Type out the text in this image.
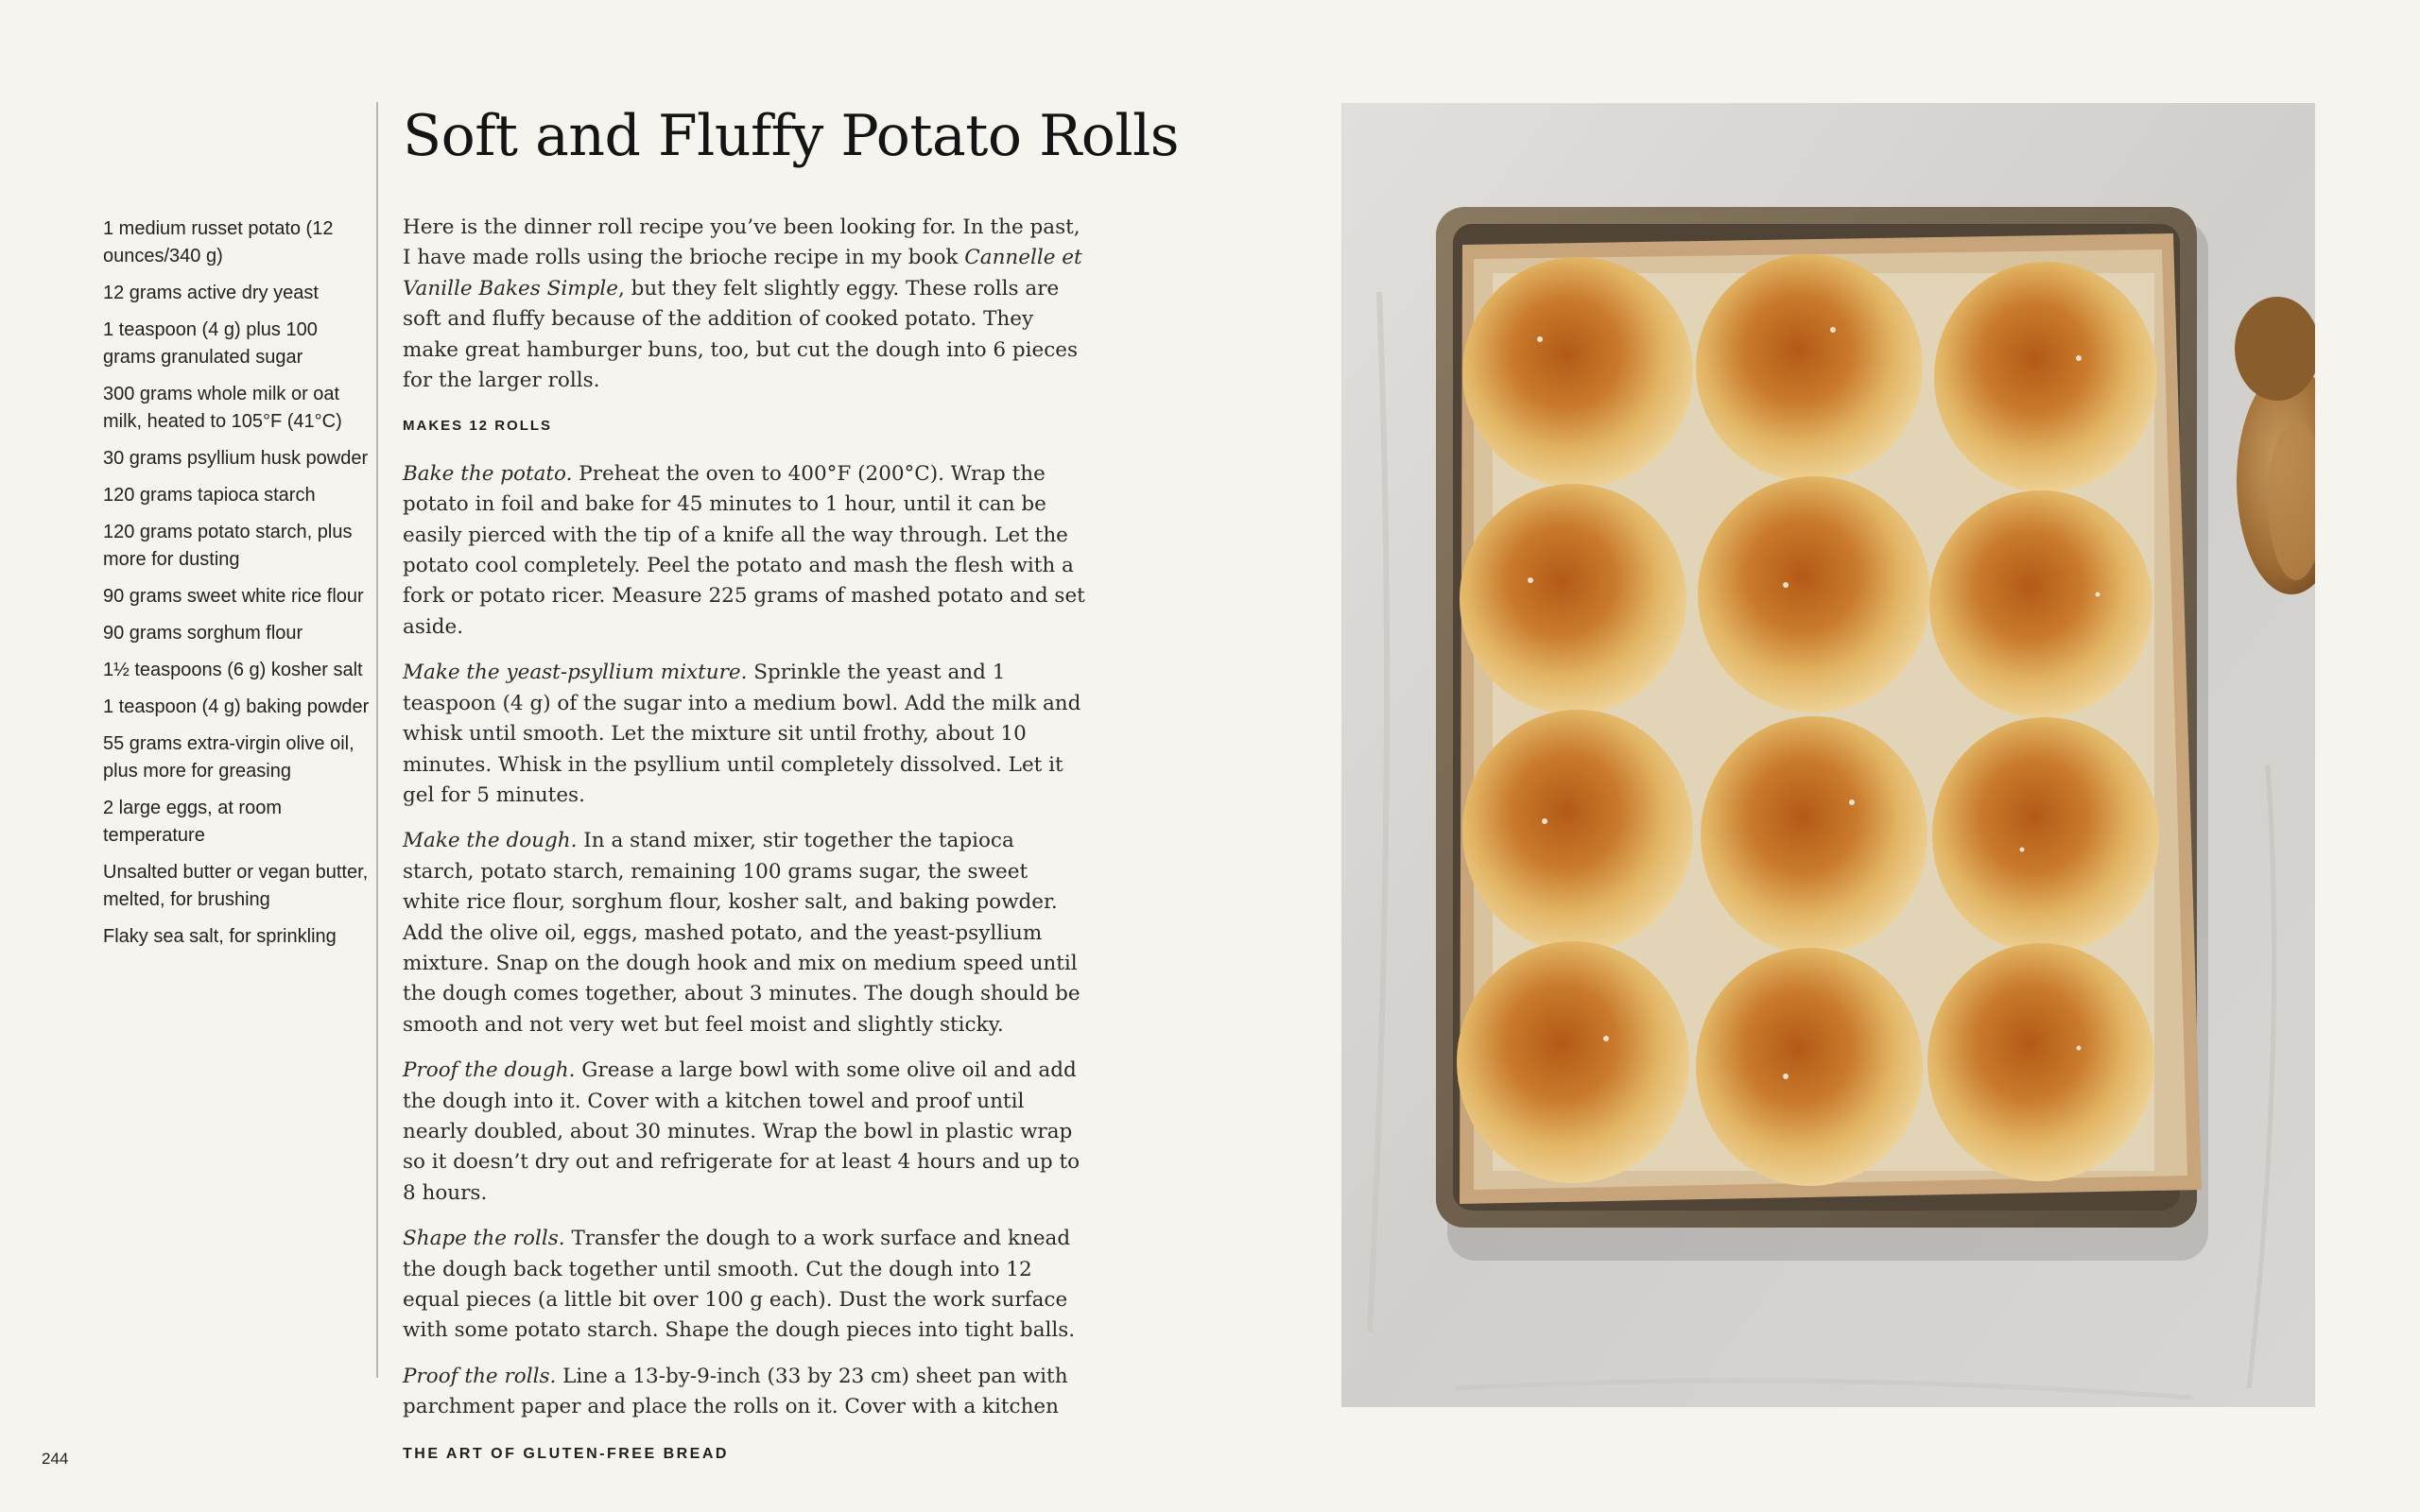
1 medium russet potato (12 ounces/340 g)
12 grams active dry yeast
1 teaspoon (4 g) plus 100 grams granulated sugar
300 grams whole milk or oat milk, heated to 105°F (41°C)
30 grams psyllium husk powder
120 grams tapioca starch
120 grams potato starch, plus more for dusting
90 grams sweet white rice flour
90 grams sorghum flour
1½ teaspoons (6 g) kosher salt
1 teaspoon (4 g) baking powder
55 grams extra-virgin olive oil, plus more for greasing
2 large eggs, at room temperature
Unsalted butter or vegan butter, melted, for brushing
Flaky sea salt, for sprinkling
Soft and Fluffy Potato Rolls

Here is the dinner roll recipe you’ve been looking for. In the past, I have made rolls using the brioche recipe in my book Cannelle et Vanille Bakes Simple, but they felt slightly eggy. These rolls are soft and fluffy because of the addition of cooked potato. They make great hamburger buns, too, but cut the dough into 6 pieces for the larger rolls.

MAKES 12 ROLLS

Bake the potato. Preheat the oven to 400°F (200°C). Wrap the potato in foil and bake for 45 minutes to 1 hour, until it can be easily pierced with the tip of a knife all the way through. Let the potato cool completely. Peel the potato and mash the flesh with a fork or potato ricer. Measure 225 grams of mashed potato and set aside.

Make the yeast-psyllium mixture. Sprinkle the yeast and 1 teaspoon (4 g) of the sugar into a medium bowl. Add the milk and whisk until smooth. Let the mixture sit until frothy, about 10 minutes. Whisk in the psyllium until completely dissolved. Let it gel for 5 minutes.

Make the dough. In a stand mixer, stir together the tapioca starch, potato starch, remaining 100 grams sugar, the sweet white rice flour, sorghum flour, kosher salt, and baking powder. Add the olive oil, eggs, mashed potato, and the yeast-psyllium mixture. Snap on the dough hook and mix on medium speed until the dough comes together, about 3 minutes. The dough should be smooth and not very wet but feel moist and slightly sticky.

Proof the dough. Grease a large bowl with some olive oil and add the dough into it. Cover with a kitchen towel and proof until nearly doubled, about 30 minutes. Wrap the bowl in plastic wrap so it doesn’t dry out and refrigerate for at least 4 hours and up to 8 hours.

Shape the rolls. Transfer the dough to a work surface and knead the dough back together until smooth. Cut the dough into 12 equal pieces (a little bit over 100 g each). Dust the work surface with some potato starch. Shape the dough pieces into tight balls.

Proof the rolls. Line a 13-by-9-inch (33 by 23 cm) sheet pan with parchment paper and place the rolls on it. Cover with a kitchen

244	THE ART OF GLUTEN-FREE BREAD
